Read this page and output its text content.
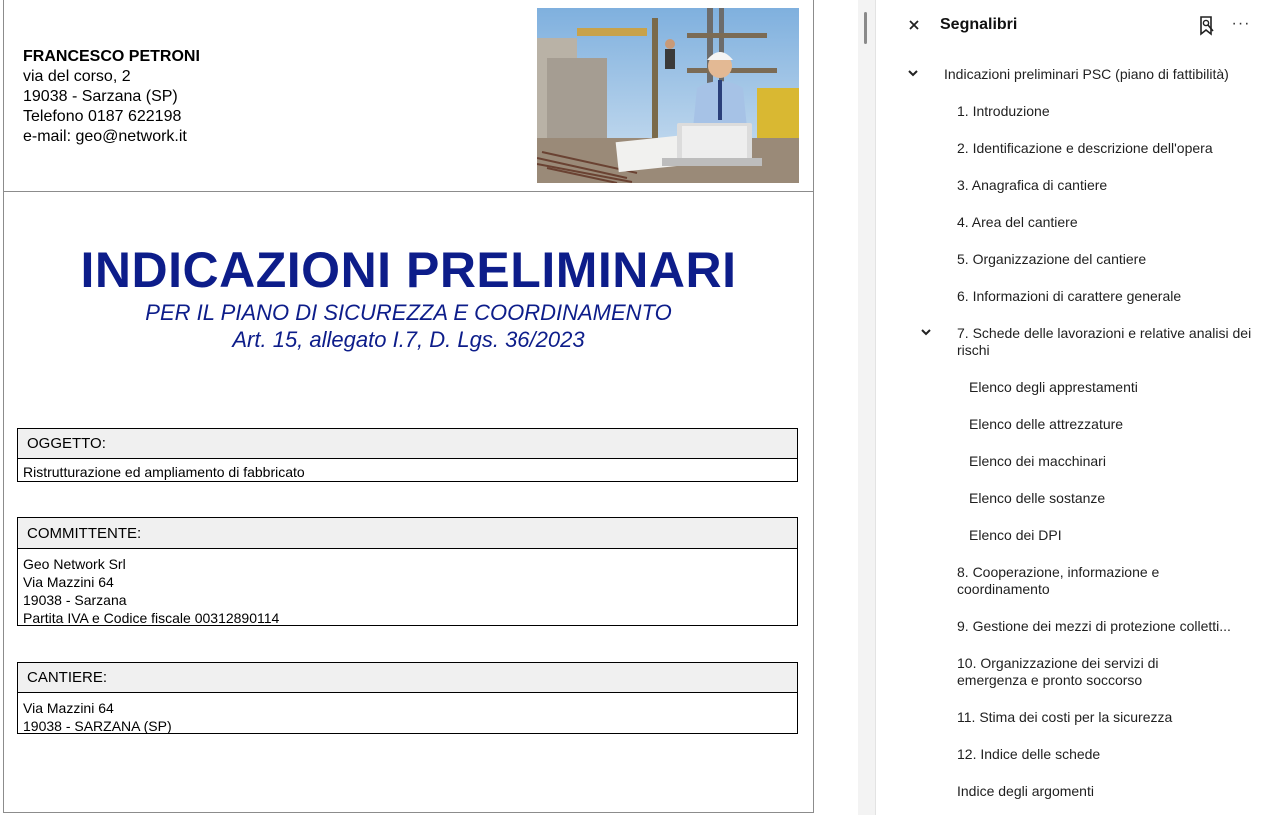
FRANCESCO PETRONI
via del corso, 2
19038 - Sarzana (SP)
Telefono 0187 622198
e-mail: geo@network.it
INDICAZIONI PRELIMINARI
PER IL PIANO DI SICUREZZA E COORDINAMENTO
Art. 15, allegato I.7, D. Lgs. 36/2023
OGGETTO:
Ristrutturazione ed ampliamento di fabbricato
COMMITTENTE:
Geo Network Srl
Via Mazzini 64
19038 - Sarzana
Partita IVA e Codice fiscale 00312890114
CANTIERE:
Via Mazzini 64
19038 - SARZANA (SP)
Segnalibri	···
Indicazioni preliminari PSC (piano di fattibilità)
1. Introduzione
2. Identificazione e descrizione dell'opera
3. Anagrafica di cantiere
4. Area del cantiere
5. Organizzazione del cantiere
6. Informazioni di carattere generale
7. Schede delle lavorazioni e relative analisi dei rischi
Elenco degli apprestamenti
Elenco delle attrezzature
Elenco dei macchinari
Elenco delle sostanze
Elenco dei DPI
8. Cooperazione, informazione e coordinamento
9. Gestione dei mezzi di protezione colletti...
10. Organizzazione dei servizi di emergenza e pronto soccorso
11. Stima dei costi per la sicurezza
12. Indice delle schede
Indice degli argomenti
